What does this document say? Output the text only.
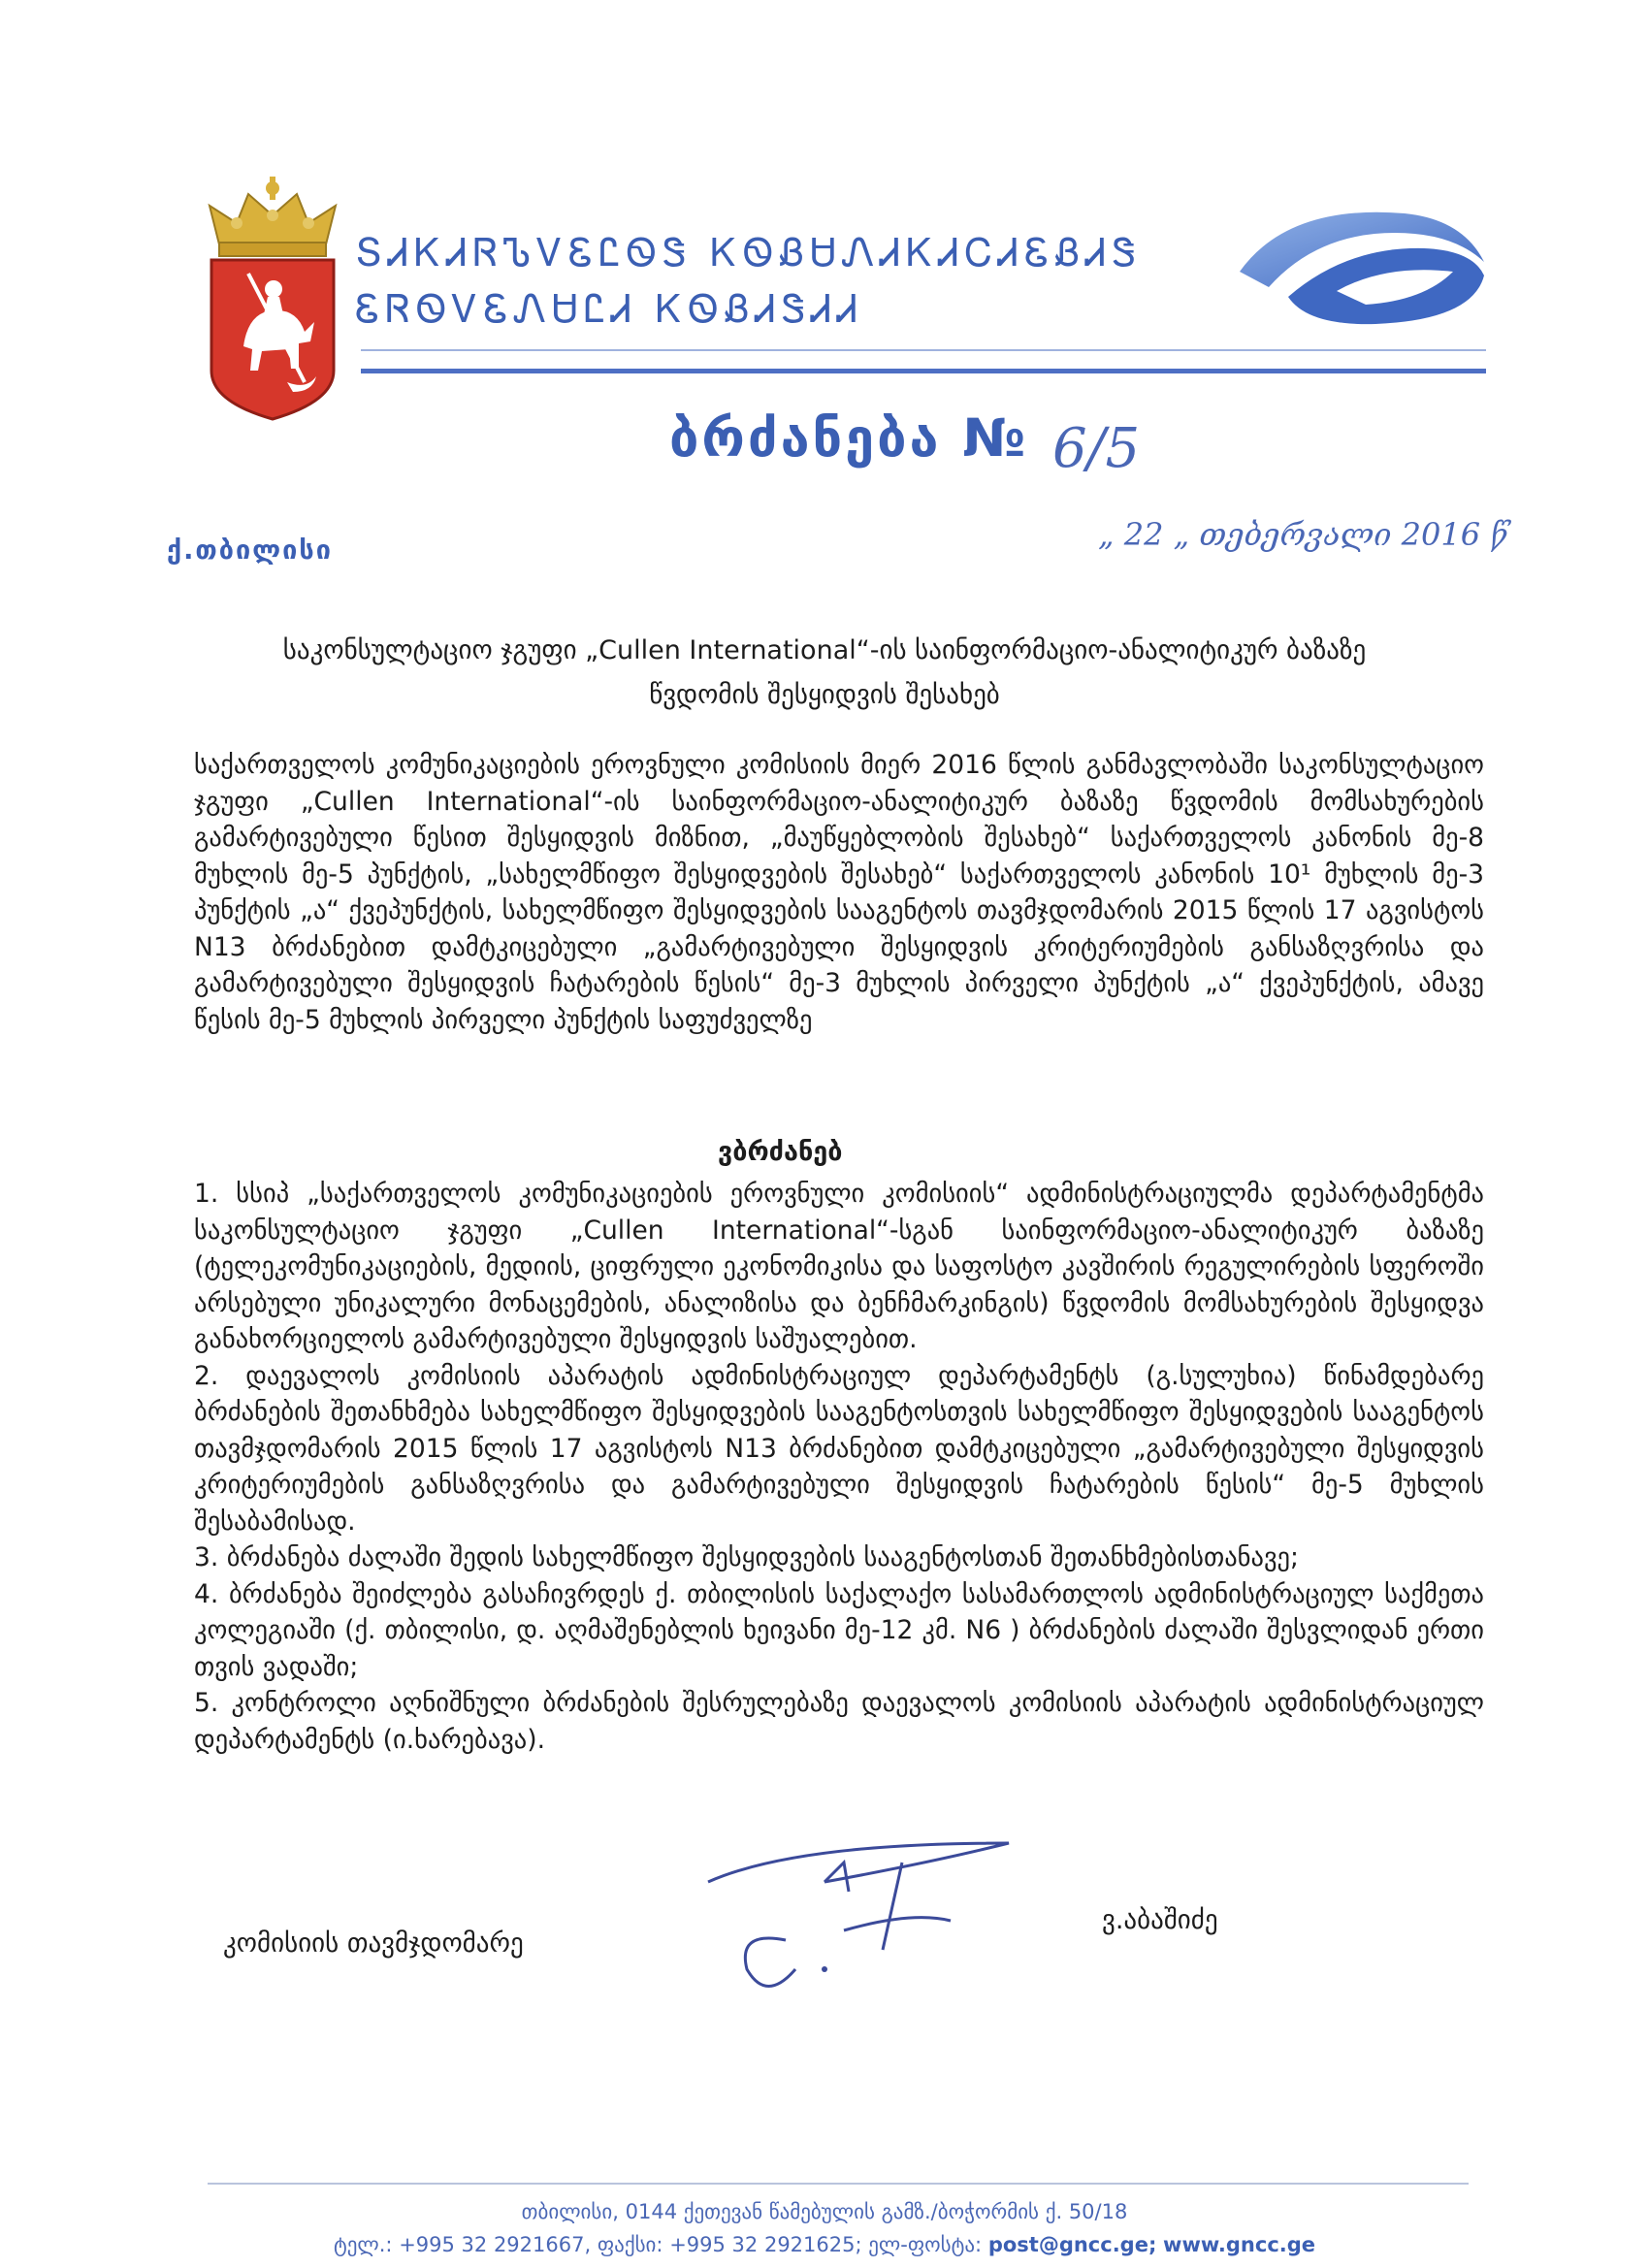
ՏᏗᏦᏗᏒᏖᏙᏋᏝᏫᏕ ᏦᏫᏰᏌᏁᏗᏦᏗᏟᏗᏋᏰᏗᏕ
ᏋᏒᏫᏙᏋᏁᏌᏝᏗ ᏦᏫᏰᏗᏕᏗᏗ
ბრძანება № 6/5
ქ.თბილისი	„ 22 „ თებერვალი 2016 წ
საკონსულტაციო ჯგუფი „Cullen International“-ის საინფორმაციო-ანალიტიკურ ბაზაზე
წვდომის შესყიდვის შესახებ
საქართველოს კომუნიკაციების ეროვნული კომისიის მიერ 2016 წლის განმავლობაში საკონსულტაციო ჯგუფი „Cullen International“-ის საინფორმაციო-ანალიტიკურ ბაზაზე წვდომის მომსახურების გამარტივებული წესით შესყიდვის მიზნით, „მაუწყებლობის შესახებ“ საქართველოს კანონის მე-8 მუხლის მე-5 პუნქტის, „სახელმწიფო შესყიდვების შესახებ“ საქართველოს კანონის 10¹ მუხლის მე-3 პუნქტის „ა“ ქვეპუნქტის, სახელმწიფო შესყიდვების სააგენტოს თავმჯდომარის 2015 წლის 17 აგვისტოს N13 ბრძანებით დამტკიცებული „გამარტივებული შესყიდვის კრიტერიუმების განსაზღვრისა და გამარტივებული შესყიდვის ჩატარების წესის“ მე-3 მუხლის პირველი პუნქტის „ა“ ქვეპუნქტის, ამავე წესის მე-5 მუხლის პირველი პუნქტის საფუძველზე
ვბრძანებ

1. სსიპ „საქართველოს კომუნიკაციების ეროვნული კომისიის“ ადმინისტრაციულმა დეპარტამენტმა საკონსულტაციო ჯგუფი „Cullen International“-სგან საინფორმაციო-ანალიტიკურ ბაზაზე (ტელეკომუნიკაციების, მედიის, ციფრული ეკონომიკისა და საფოსტო კავშირის რეგულირების სფეროში არსებული უნიკალური მონაცემების, ანალიზისა და ბენჩმარკინგის) წვდომის მომსახურების შესყიდვა განახორციელოს გამარტივებული შესყიდვის საშუალებით.

2. დაევალოს კომისიის აპარატის ადმინისტრაციულ დეპარტამენტს (გ.სულუხია) წინამდებარე ბრძანების შეთანხმება სახელმწიფო შესყიდვების სააგენტოსთვის სახელმწიფო შესყიდვების სააგენტოს თავმჯდომარის 2015 წლის 17 აგვისტოს N13 ბრძანებით დამტკიცებული „გამარტივებული შესყიდვის კრიტერიუმების განსაზღვრისა და გამარტივებული შესყიდვის ჩატარების წესის“ მე-5 მუხლის შესაბამისად.

3. ბრძანება ძალაში შედის სახელმწიფო შესყიდვების სააგენტოსთან შეთანხმებისთანავე;

4. ბრძანება შეიძლება გასაჩივრდეს ქ. თბილისის საქალაქო სასამართლოს ადმინისტრაციულ საქმეთა კოლეგიაში (ქ. თბილისი, დ. აღმაშენებლის ხეივანი მე-12 კმ. N6 ) ბრძანების ძალაში შესვლიდან ერთი თვის ვადაში;

5. კონტროლი აღნიშნული ბრძანების შესრულებაზე დაევალოს კომისიის აპარატის ადმინისტრაციულ დეპარტამენტს (ი.ხარებავა).

კომისიის თავმჯდომარე
ვ.აბაშიძე
თბილისი, 0144 ქეთევან წამებულის გამზ./ბოჭორმის ქ. 50/18
ტელ.: +995 32 2921667, ფაქსი: +995 32 2921625; ელ-ფოსტა: post@gncc.ge; www.gncc.ge
